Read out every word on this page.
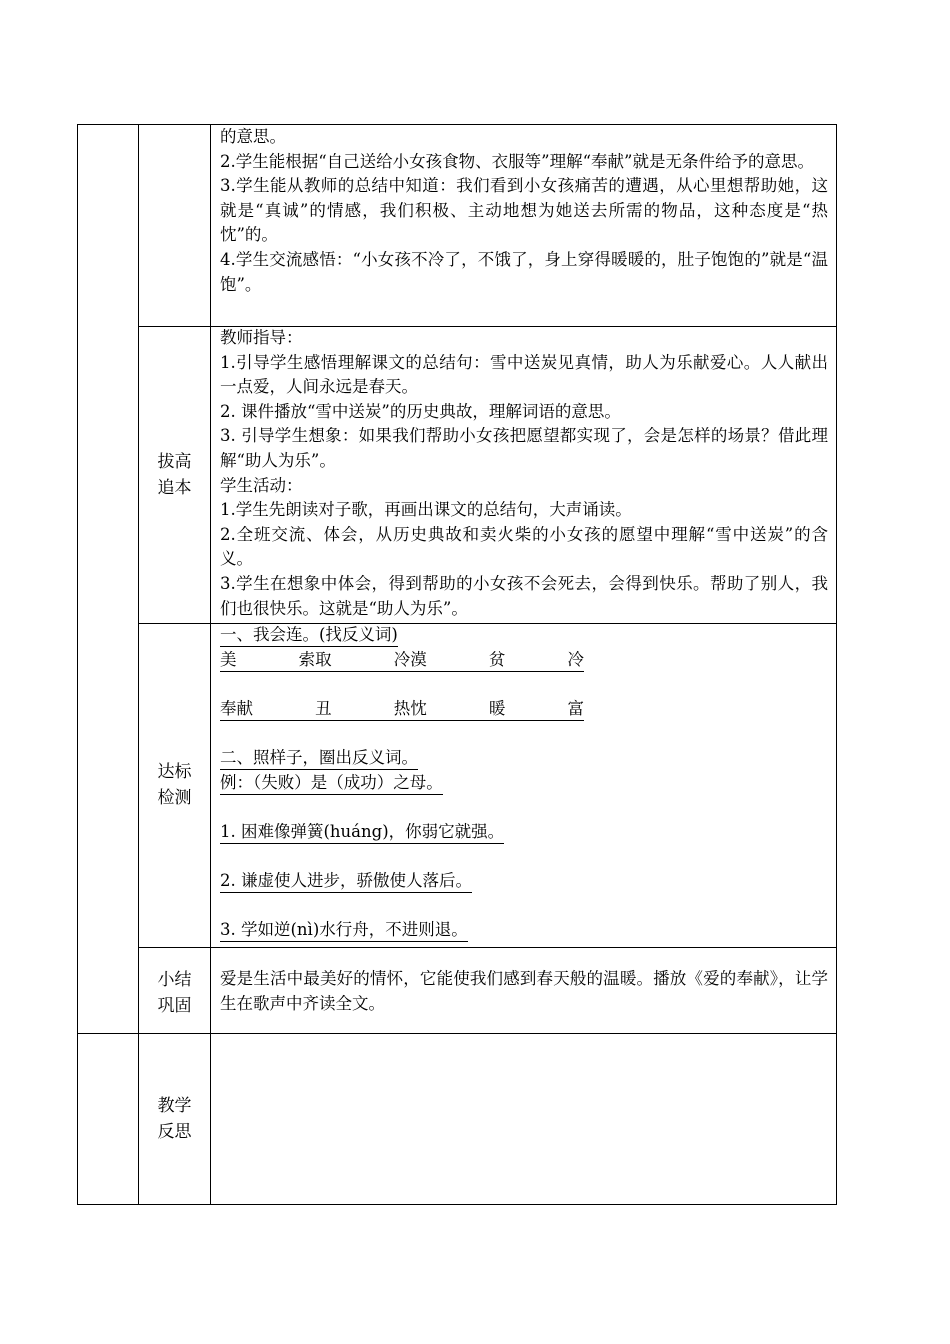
的意思。

2.学生能根据“自己送给小女孩食物、衣服等”理解“奉献”就是无条件给予的意思。

3.学生能从教师的总结中知道：我们看到小女孩痛苦的遭遇，从心里想帮助她，这就是“真诚”的情感，我们积极、主动地想为她送去所需的物品，这种态度是“热忱”的。

4.学生交流感悟：“小女孩不冷了，不饿了，身上穿得暖暖的，肚子饱饱的”就是“温饱”。

拔高追本

教师指导：

1.引导学生感悟理解课文的总结句：雪中送炭见真情，助人为乐献爱心。人人献出一点爱，人间永远是春天。

2. 课件播放“雪中送炭”的历史典故，理解词语的意思。

3. 引导学生想象：如果我们帮助小女孩把愿望都实现了，会是怎样的场景？借此理解“助人为乐”。

学生活动：

1.学生先朗读对子歌，再画出课文的总结句，大声诵读。

2.全班交流、体会，从历史典故和卖火柴的小女孩的愿望中理解“雪中送炭”的含义。

3.学生在想象中体会，得到帮助的小女孩不会死去，会得到快乐。帮助了别人，我们也很快乐。这就是“助人为乐”。

达标检测

一、我会连。(找反义词)

美	索取	冷漠	贫	冷
奉献	丑	热忱	暖	富

二、照样子，圈出反义词。

例：（失败）是（成功）之母。

1. 困难像弹簧(huáng)，你弱它就强。

2. 谦虚使人进步，骄傲使人落后。

3. 学如逆(nì)水行舟，不进则退。

小结巩固

爱是生活中最美好的情怀，它能使我们感到春天般的温暖。播放《爱的奉献》，让学生在歌声中齐读全文。

教学反思
